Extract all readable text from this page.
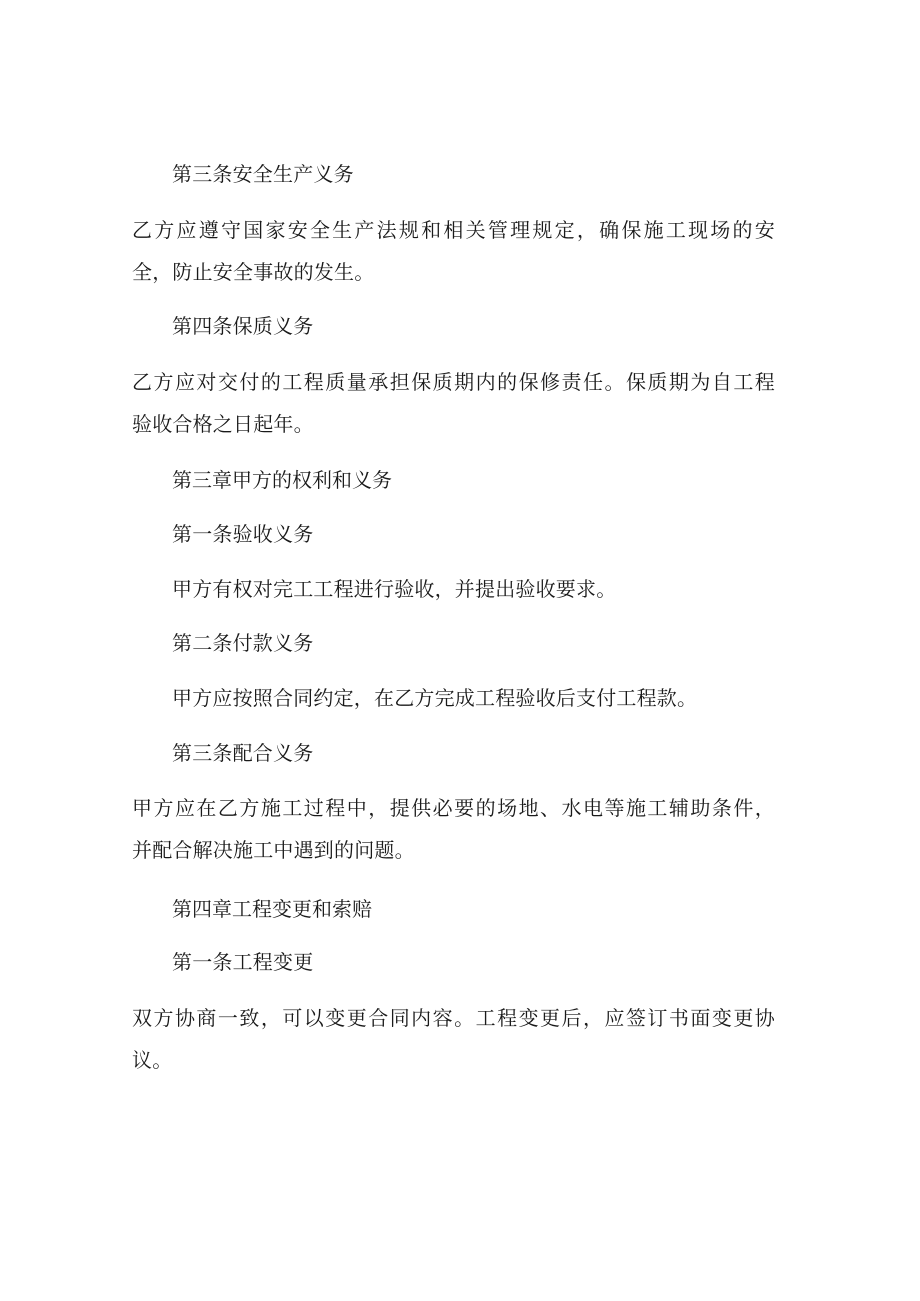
第三条安全生产义务
乙方应遵守国家安全生产法规和相关管理规定，确保施工现场的安
全，防止安全事故的发生。
第四条保质义务
乙方应对交付的工程质量承担保质期内的保修责任。保质期为自工程
验收合格之日起年。
第三章甲方的权利和义务
第一条验收义务
甲方有权对完工工程进行验收，并提出验收要求。
第二条付款义务
甲方应按照合同约定，在乙方完成工程验收后支付工程款。
第三条配合义务
甲方应在乙方施工过程中，提供必要的场地、水电等施工辅助条件，
并配合解决施工中遇到的问题。
第四章工程变更和索赔
第一条工程变更
双方协商一致，可以变更合同内容。工程变更后，应签订书面变更协
议。
